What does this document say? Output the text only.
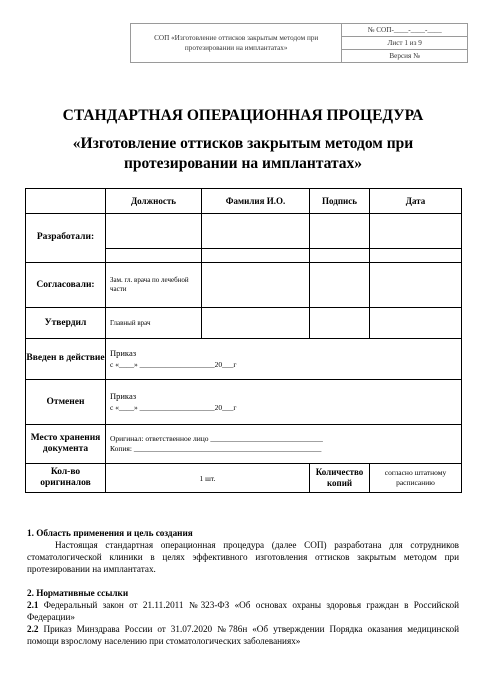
СОП «Изготовление оттисков закрытым методом при протезировании на имплантатах»	№ СОП-____-____-____
Лист 1 из 9
Версия №
СТАНДАРТНАЯ ОПЕРАЦИОННАЯ ПРОЦЕДУРА
«Изготовление оттисков закрытым методом при протезировании на имплантатах»
	Должность	Фамилия И.О.	Подпись	Дата
Разработали:	

Согласовали:	Зам. гл. врача по лечебной части			
Утвердил	Главный врач			
Введен в действие	Приказ
с «____» ____________________20___г			

Отменен	Приказ
с «____» ____________________20___г			

Место хранения документа	Оригинал: ответственное лицо ______________________________
Копия: __________________________________________________			

Кол-во оригиналов	1 шт.		Количество копий	согласно штатному расписанию
1. Область применения и цель создания
Настоящая стандартная операционная процедура (далее СОП) разработана для сотрудников стоматологической клиники в целях эффективного изготовления оттисков закрытым методом при протезировании на имплантатах.
2. Нормативные ссылки
2.1 Федеральный закон от 21.11.2011 №323-ФЗ «Об основах охраны здоровья граждан в Российской Федерации»
2.2 Приказ Минздрава России от 31.07.2020 №786н «Об утверждении Порядка оказания медицинской помощи взрослому населению при стоматологических заболеваниях»
